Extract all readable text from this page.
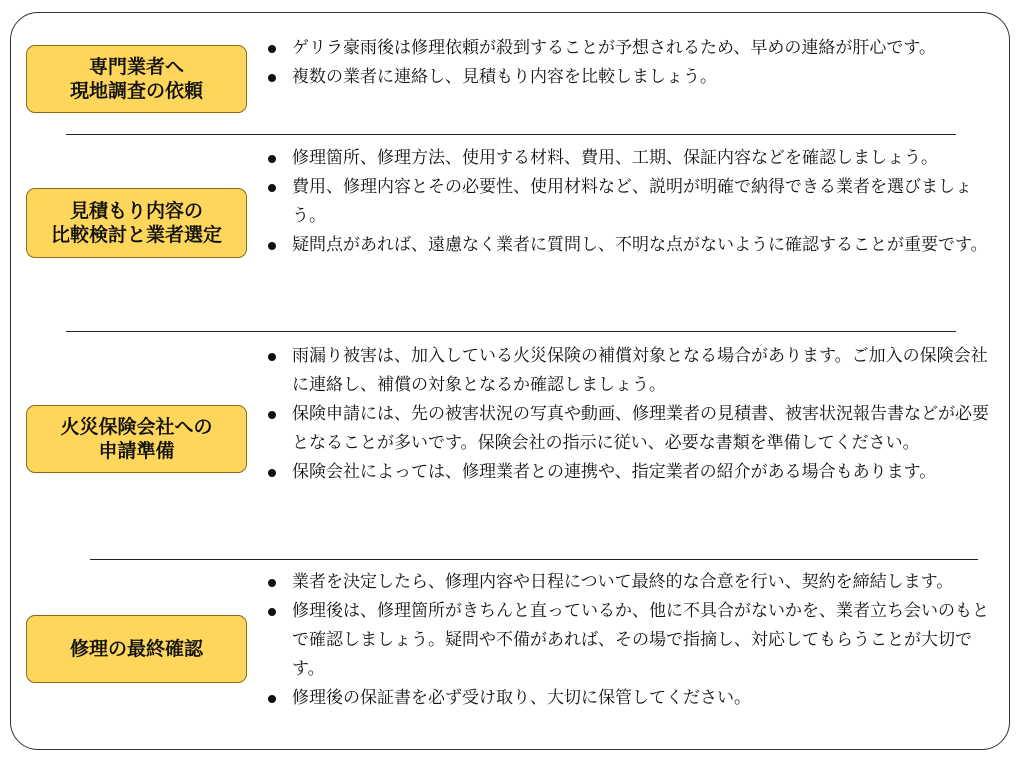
専門業者へ
現地調査の依頼
ゲリラ豪雨後は修理依頼が殺到することが予想されるため、早めの連絡が肝心です。
複数の業者に連絡し、見積もり内容を比較しましょう。
見積もり内容の
比較検討と業者選定
修理箇所、修理方法、使用する材料、費用、工期、保証内容などを確認しましょう。
費用、修理内容とその必要性、使用材料など、説明が明確で納得できる業者を選びましょう。
疑問点があれば、遠慮なく業者に質問し、不明な点がないように確認することが重要です。
火災保険会社への
申請準備
雨漏り被害は、加入している火災保険の補償対象となる場合があります。ご加入の保険会社に連絡し、補償の対象となるか確認しましょう。
保険申請には、先の被害状況の写真や動画、修理業者の見積書、被害状況報告書などが必要となることが多いです。保険会社の指示に従い、必要な書類を準備してください。
保険会社によっては、修理業者との連携や、指定業者の紹介がある場合もあります。
修理の最終確認
業者を決定したら、修理内容や日程について最終的な合意を行い、契約を締結します。
修理後は、修理箇所がきちんと直っているか、他に不具合がないかを、業者立ち会いのもとで確認しましょう。疑問や不備があれば、その場で指摘し、対応してもらうことが大切です。
修理後の保証書を必ず受け取り、大切に保管してください。
